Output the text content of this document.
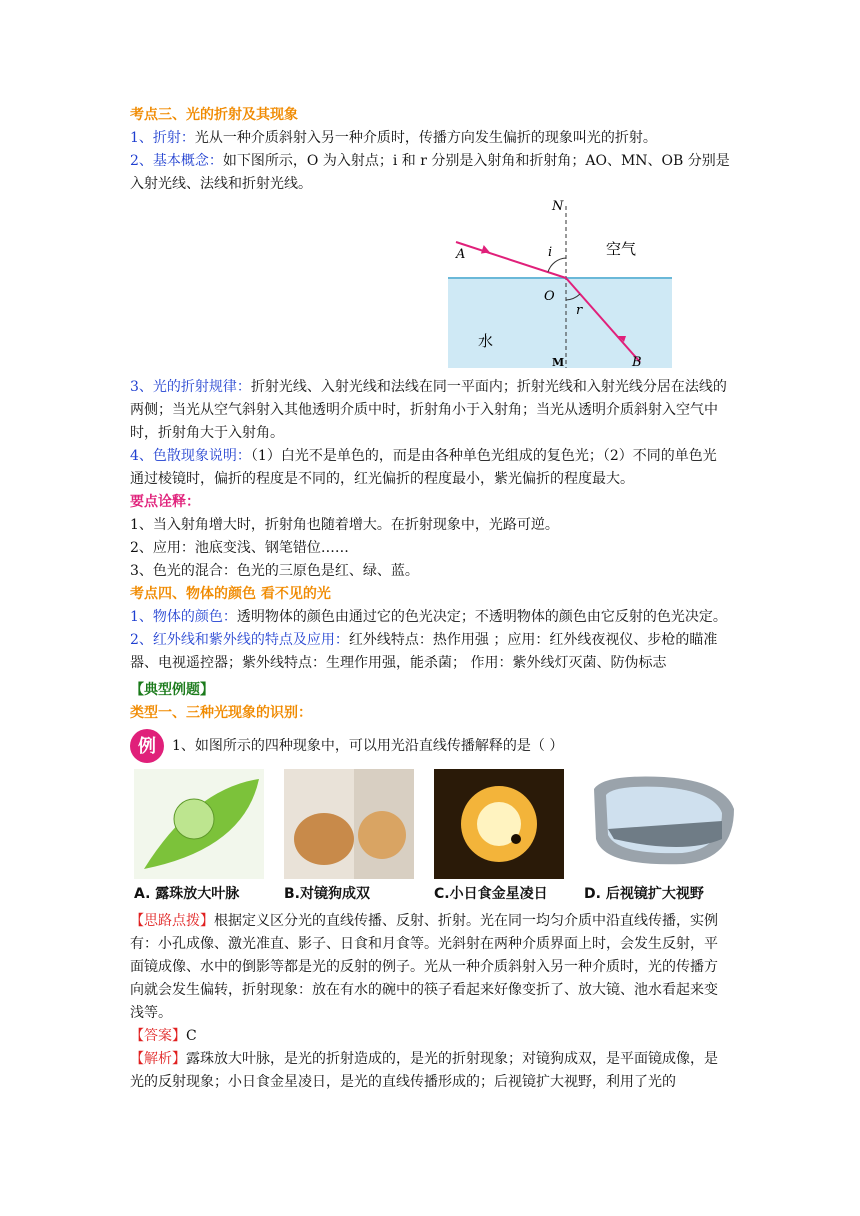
考点三、光的折射及其现象

1、折射：光从一种介质斜射入另一种介质时，传播方向发生偏折的现象叫光的折射。

2、基本概念：如下图所示，O 为入射点；i 和 r 分别是入射角和折射角；AO、MN、OB 分别是入射光线、法线和折射光线。

N
A	i	空气
O
r
水
M	B

3、光的折射规律：折射光线、入射光线和法线在同一平面内；折射光线和入射光线分居在法线的两侧；当光从空气斜射入其他透明介质中时，折射角小于入射角；当光从透明介质斜射入空气中时，折射角大于入射角。

4、色散现象说明：（1）白光不是单色的，而是由各种单色光组成的复色光；（2）不同的单色光通过棱镜时，偏折的程度是不同的，红光偏折的程度最小，紫光偏折的程度最大。

要点诠释：

1、当入射角增大时，折射角也随着增大。在折射现象中，光路可逆。

2、应用：池底变浅、钢笔错位……

3、色光的混合：色光的三原色是红、绿、蓝。

考点四、物体的颜色 看不见的光

1、物体的颜色：透明物体的颜色由通过它的色光决定；不透明物体的颜色由它反射的色光决定。

2、红外线和紫外线的特点及应用：红外线特点：热作用强 ；应用：红外线夜视仪、步枪的瞄准器、电视遥控器；紫外线特点：生理作用强，能杀菌； 作用：紫外线灯灭菌、防伪标志

【典型例题】

类型一、三种光现象的识别：

例	1、如图所示的四种现象中，可以用光沿直线传播解释的是（ ）
A. 露珠放大叶脉	B.对镜狗成双	C.小日食金星凌日	D. 后视镜扩大视野

【思路点拨】根据定义区分光的直线传播、反射、折射。光在同一均匀介质中沿直线传播，实例有：小孔成像、激光准直、影子、日食和月食等。光斜射在两种介质界面上时，会发生反射，平面镜成像、水中的倒影等都是光的反射的例子。光从一种介质斜射入另一种介质时，光的传播方向就会发生偏转，折射现象：放在有水的碗中的筷子看起来好像变折了、放大镜、池水看起来变浅等。

【答案】C

【解析】露珠放大叶脉，是光的折射造成的，是光的折射现象；对镜狗成双，是平面镜成像，是光的反射现象；小日食金星凌日，是光的直线传播形成的；后视镜扩大视野，利用了光的
